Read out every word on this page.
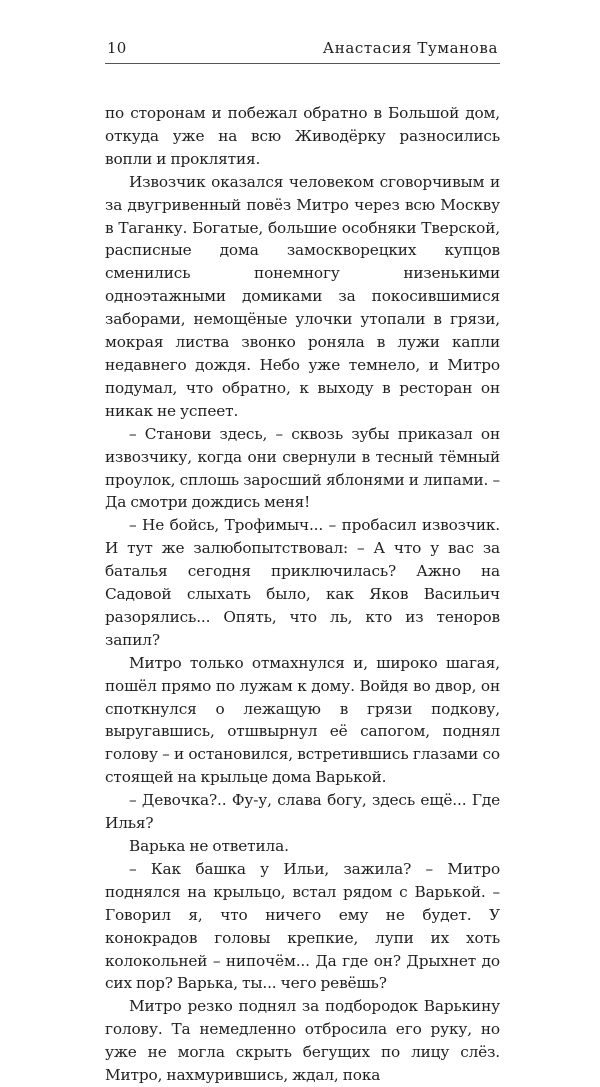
10	Анастасия Туманова

по сторонам и побежал обратно в Большой дом, откуда уже на всю Живодёрку разносились вопли и проклятия.

Извозчик оказался человеком сговорчивым и за двугривенный повёз Митро через всю Москву в Таганку. Богатые, большие особняки Тверской, расписные дома замоскворецких купцов сменились понемногу низенькими одноэтажными домиками за покосившимися заборами, немощёные улочки утопали в грязи, мокрая листва звонко роняла в лужи капли недавнего дождя. Небо уже темнело, и Митро подумал, что обратно, к выходу в ресторан он никак не успеет.

– Станови здесь, – сквозь зубы приказал он извозчику, когда они свернули в тесный тёмный проулок, сплошь заросший яблонями и липами. – Да смотри дождись меня!

– Не бойсь, Трофимыч... – пробасил извозчик. И тут же залюбопытствовал: – А что у вас за баталья сегодня приключилась? Ажно на Садовой слыхать было, как Яков Васильич разорялись... Опять, что ль, кто из теноров запил?

Митро только отмахнулся и, широко шагая, пошёл прямо по лужам к дому. Войдя во двор, он споткнулся о лежащую в грязи подкову, выругавшись, отшвырнул её сапогом, поднял голову – и остановился, встретившись глазами со стоящей на крыльце дома Варькой.

– Девочка?.. Фу-у, слава богу, здесь ещё... Где Илья?

Варька не ответила.

– Как башка у Ильи, зажила? – Митро поднялся на крыльцо, встал рядом с Варькой. – Говорил я, что ничего ему не будет. У конокрадов головы крепкие, лупи их хоть колокольней – нипочём... Да где он? Дрыхнет до сих пор? Варька, ты... чего ревёшь?

Митро резко поднял за подбородок Варькину голову. Та немедленно отбросила его руку, но уже не могла скрыть бегущих по лицу слёз. Митро, нахмурившись, ждал, пока
